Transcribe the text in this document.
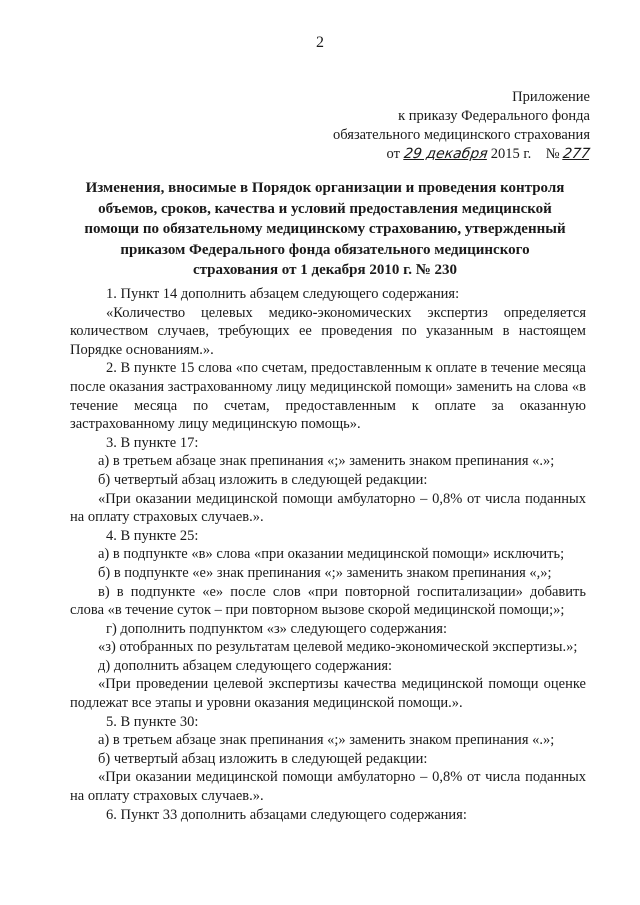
2
Приложение
к приказу Федерального фонда
обязательного медицинского страхования
от 29 декабря 2015 г. № 277
Изменения, вносимые в Порядок организации и проведения контроля объемов, сроков, качества и условий предоставления медицинской помощи по обязательному медицинскому страхованию, утвержденный приказом Федерального фонда обязательного медицинского страхования от 1 декабря 2010 г. № 230

1. Пункт 14 дополнить абзацем следующего содержания:

«Количество целевых медико-экономических экспертиз определяется количеством случаев, требующих ее проведения по указанным в настоящем Порядке основаниям.».

2. В пункте 15 слова «по счетам, предоставленным к оплате в течение месяца после оказания застрахованному лицу медицинской помощи» заменить на слова «в течение месяца по счетам, предоставленным к оплате за оказанную застрахованному лицу медицинскую помощь».

3. В пункте 17:

а) в третьем абзаце знак препинания «;» заменить знаком препинания «.»;

б) четвертый абзац изложить в следующей редакции:

«При оказании медицинской помощи амбулаторно – 0,8% от числа поданных на оплату страховых случаев.».

4. В пункте 25:

а) в подпункте «в» слова «при оказании медицинской помощи» исключить;

б) в подпункте «е» знак препинания «;» заменить знаком препинания «,»;

в) в подпункте «е» после слов «при повторной госпитализации» добавить слова «в течение суток – при повторном вызове скорой медицинской помощи;»;

г) дополнить подпунктом «з» следующего содержания:

«з) отобранных по результатам целевой медико-экономической экспертизы.»;

д) дополнить абзацем следующего содержания:

«При проведении целевой экспертизы качества медицинской помощи оценке подлежат все этапы и уровни оказания медицинской помощи.».

5. В пункте 30:

а) в третьем абзаце знак препинания «;» заменить знаком препинания «.»;

б) четвертый абзац изложить в следующей редакции:

«При оказании медицинской помощи амбулаторно – 0,8% от числа поданных на оплату страховых случаев.».

6. Пункт 33 дополнить абзацами следующего содержания:
